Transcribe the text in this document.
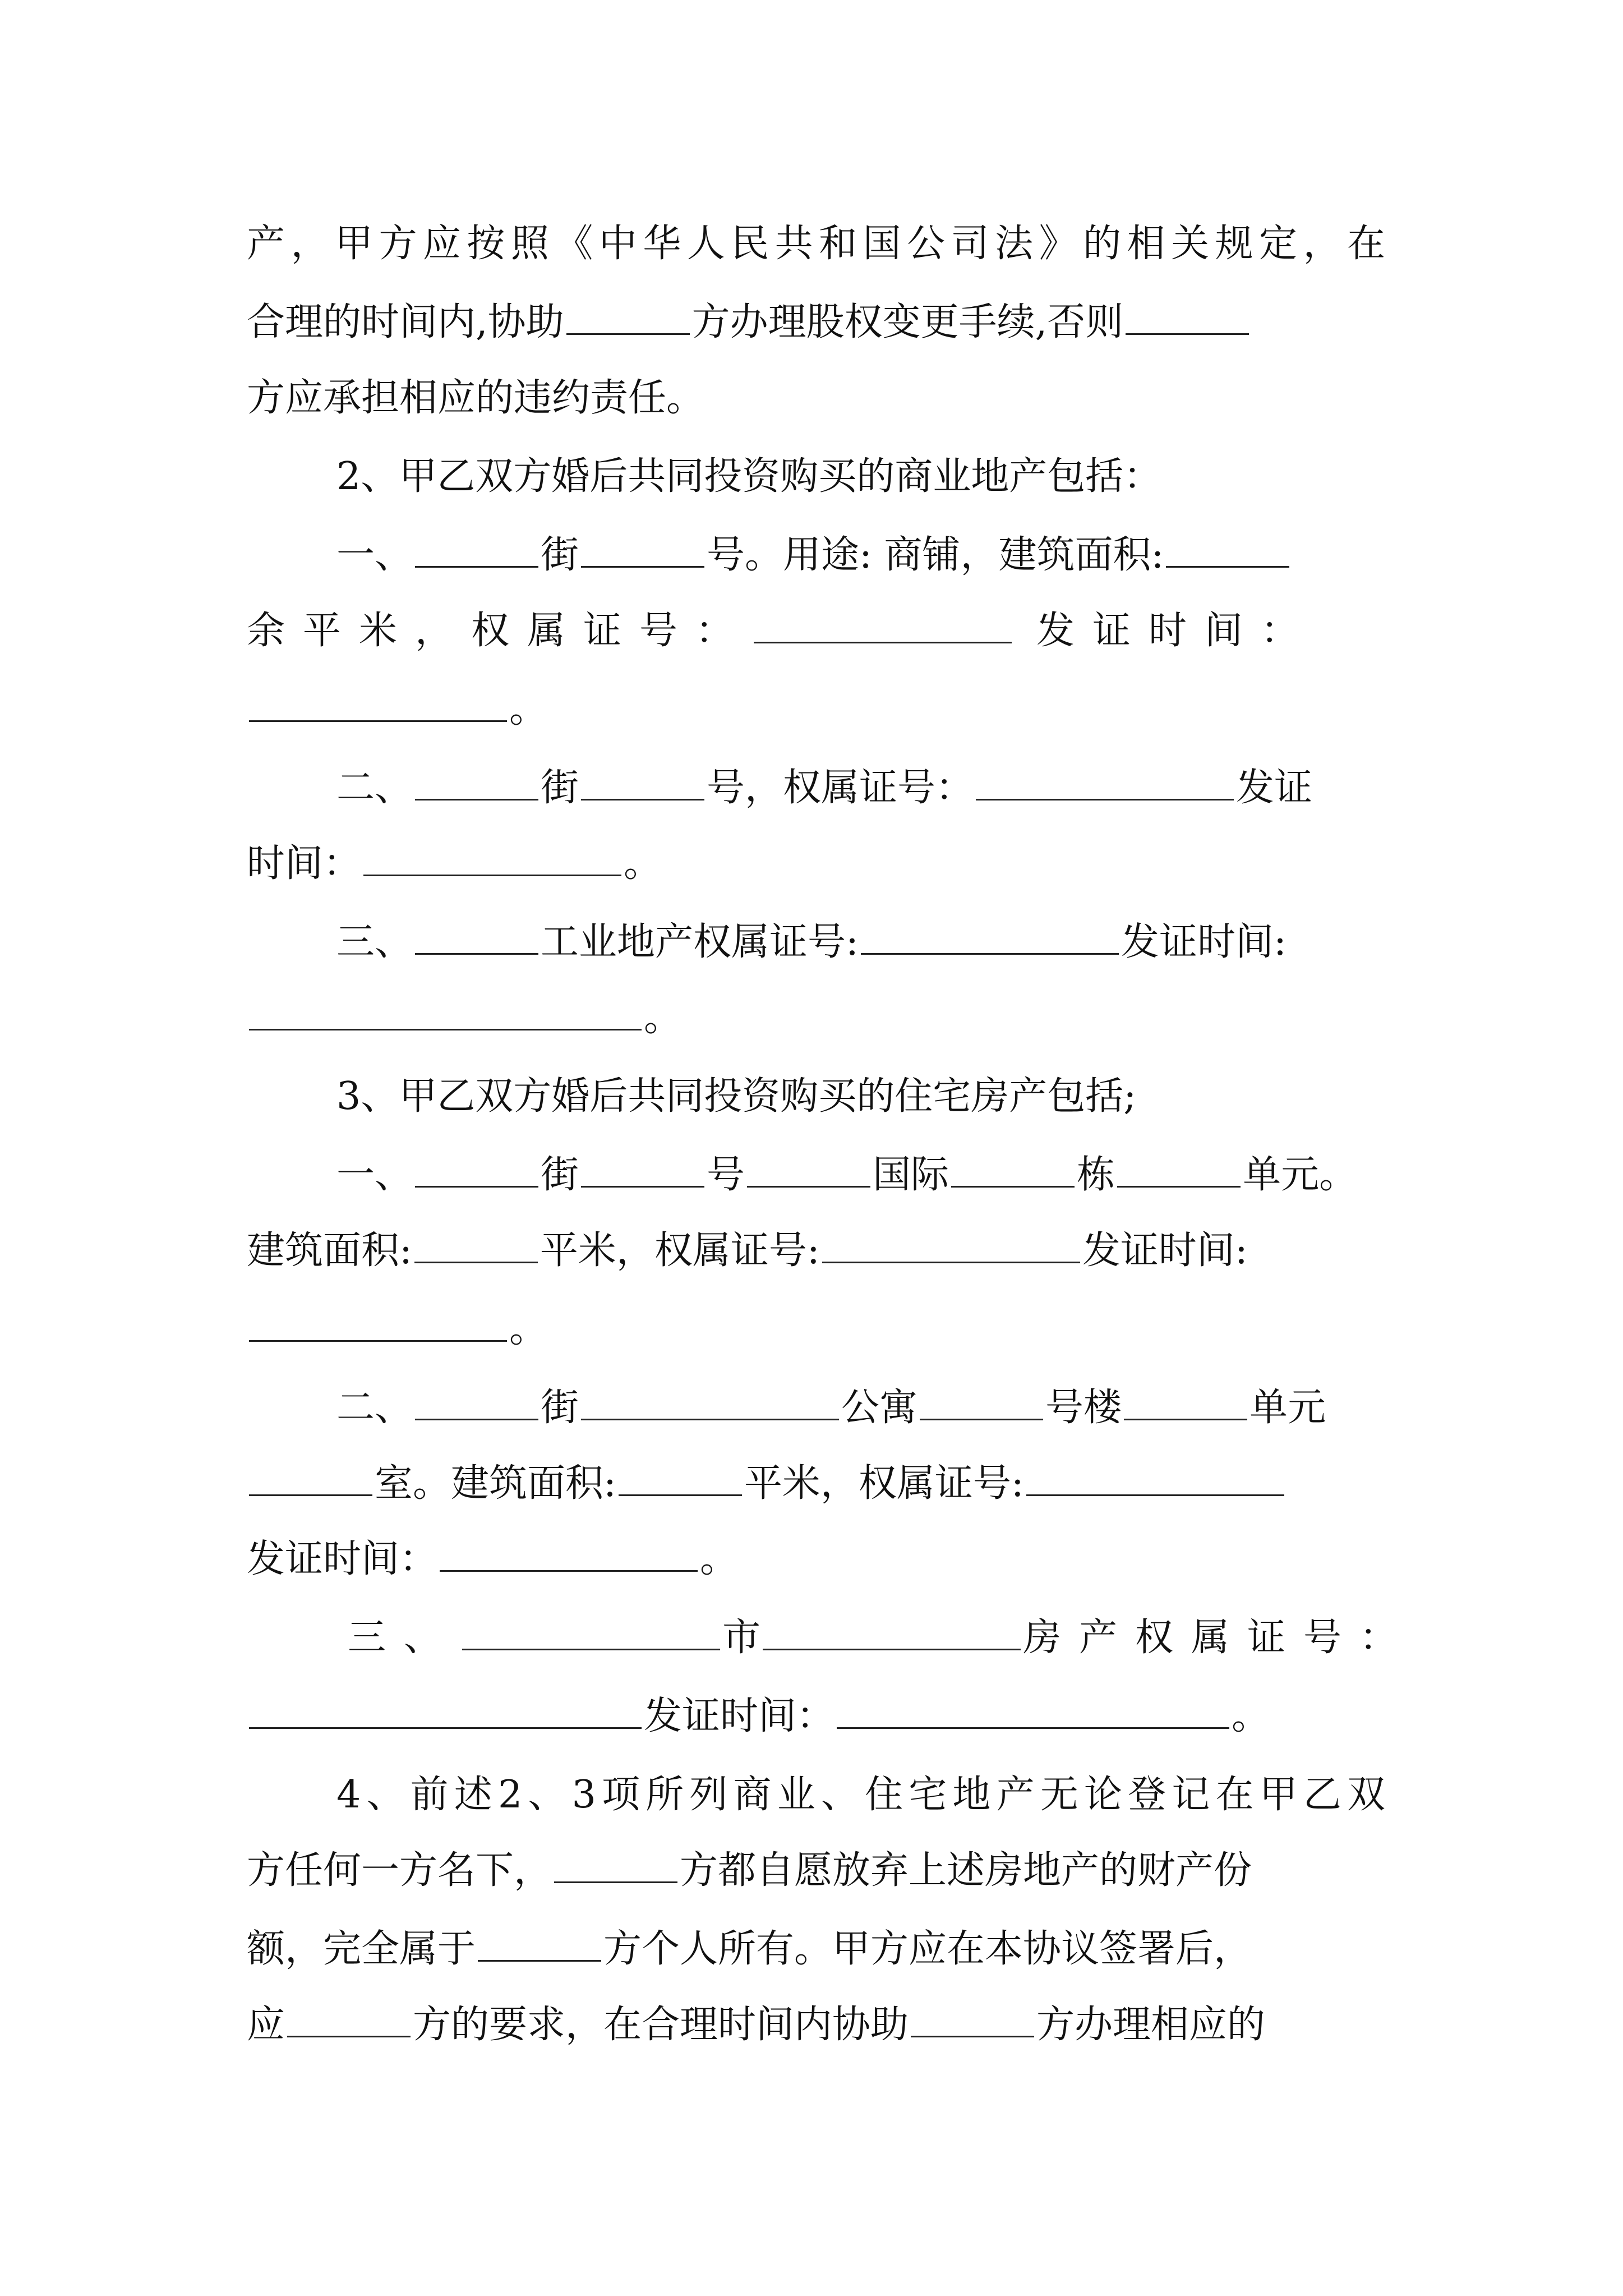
产，甲方应按照《中华人民共和国公司法》的相关规定，在
合理的时间内,协助	方办理股权变更手续,否则
方应承担相应的违约责任。
2、甲乙双方婚后共同投资购买的商业地产包括：
一、	街	号。用途: 商铺，建筑面积:
余平米，权属证号：	发证时间：
。
二、	街	号，权属证号：	发证
时间：	。
三、	工业地产权属证号:	发证时间:
。
3、甲乙双方婚后共同投资购买的住宅房产包括;
一、	街	号	国际	栋	单元。
建筑面积:	平米，权属证号:	发证时间:
。
二、	街	公寓	号楼	单元
室。建筑面积:	平米，权属证号:
发证时间：	。
三、	市	房产权属证号：
发证时间：	。
4、前述2、3项所列商业、住宅地产无论登记在甲乙双
方任何一方名下，	方都自愿放弃上述房地产的财产份
额，完全属于	方个人所有。甲方应在本协议签署后，
应	方的要求，在合理时间内协助	方办理相应的
